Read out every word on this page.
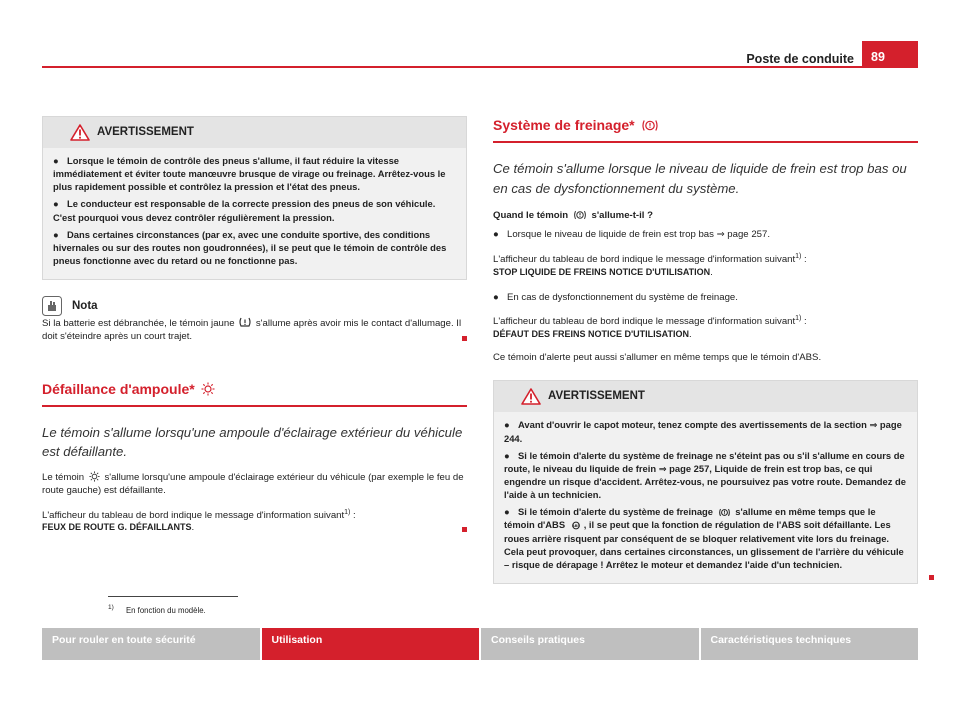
Poste de conduite	89
AVERTISSEMENT

● Lorsque le témoin de contrôle des pneus s'allume, il faut réduire la vitesse immédiatement et éviter toute manœuvre brusque de virage ou freinage. Arrêtez-vous le plus rapidement possible et contrôlez la pression et l'état des pneus.

● Le conducteur est responsable de la correcte pression des pneus de son véhicule. C'est pourquoi vous devez contrôler régulièrement la pression.

● Dans certaines circonstances (par ex, avec une conduite sportive, des conditions hivernales ou sur des routes non goudronnées), il se peut que le témoin de contrôle des pneus fonctionne avec du retard ou ne fonctionne pas.

Nota
Si la batterie est débranchée, le témoin jaune s'allume après avoir mis le contact d'allumage. Il doit s'éteindre après un court trajet.
Défaillance d'ampoule*
Le témoin s'allume lorsqu'une ampoule d'éclairage extérieur du véhicule est défaillante.
Le témoin s'allume lorsqu'une ampoule d'éclairage extérieur du véhicule (par exemple le feu de route gauche) est défaillante.
L'afficheur du tableau de bord indique le message d'information suivant$^{1)}$ :
FEUX DE ROUTE G. DÉFAILLANTS.
Système de freinage*
Ce témoin s'allume lorsque le niveau de liquide de frein est trop bas ou en cas de dysfonctionnement du système.
Quand le témoin s'allume-t-il ?
● Lorsque le niveau de liquide de frein est trop bas ⇒ page 257.
L'afficheur du tableau de bord indique le message d'information suivant$^{1)}$ :
STOP LIQUIDE DE FREINS NOTICE D'UTILISATION.
● En cas de dysfonctionnement du système de freinage.
L'afficheur du tableau de bord indique le message d'information suivant$^{1)}$ :
DÉFAUT DES FREINS NOTICE D'UTILISATION.
Ce témoin d'alerte peut aussi s'allumer en même temps que le témoin d'ABS.
AVERTISSEMENT

● Avant d'ouvrir le capot moteur, tenez compte des avertissements de la section ⇒ page 244.

● Si le témoin d'alerte du système de freinage ne s'éteint pas ou s'il s'allume en cours de route, le niveau du liquide de frein ⇒ page 257, Liquide de frein est trop bas, ce qui engendre un risque d'accident. Arrêtez-vous, ne poursuivez pas votre route. Demandez de l'aide à un technicien.

● Si le témoin d'alerte du système de freinage s'allume en même temps que le témoin d'ABS ABS , il se peut que la fonction de régulation de l'ABS soit défaillante. Les roues arrière risquent par conséquent de se bloquer relativement vite lors du freinage. Cela peut provoquer, dans certaines circonstances, un glissement de l'arrière du véhicule – risque de dérapage ! Arrêtez le moteur et demandez l'aide d'un technicien.

$^{1)}$ En fonction du modèle.
Pour rouler en toute sécurité	Utilisation	Conseils pratiques	Caractéristiques techniques
